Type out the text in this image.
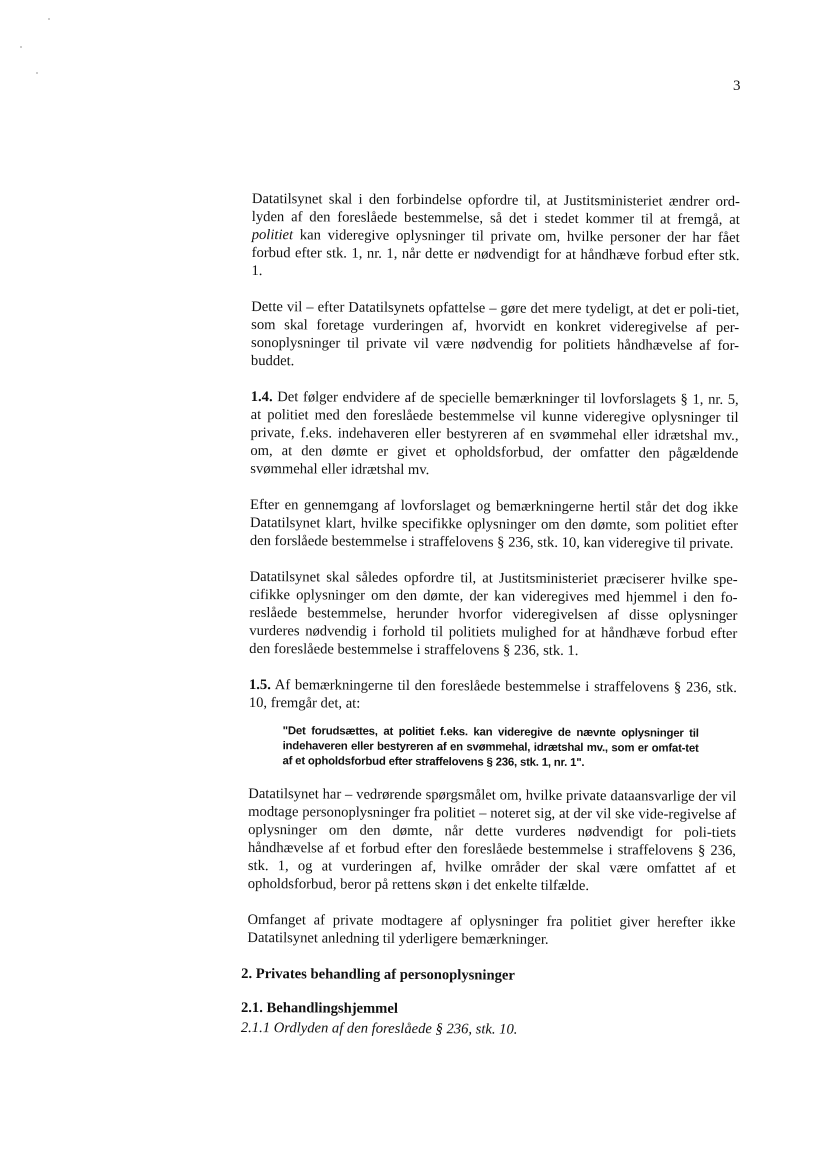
3

Datatilsynet skal i den forbindelse opfordre til, at Justitsministeriet ændrer ord-lyden af den foreslåede bestemmelse, så det i stedet kommer til at fremgå, at politiet kan videregive oplysninger til private om, hvilke personer der har fået forbud efter stk. 1, nr. 1, når dette er nødvendigt for at håndhæve forbud efter stk. 1.

Dette vil – efter Datatilsynets opfattelse – gøre det mere tydeligt, at det er poli-tiet, som skal foretage vurderingen af, hvorvidt en konkret videregivelse af per-sonoplysninger til private vil være nødvendig for politiets håndhævelse af for-buddet.

1.4. Det følger endvidere af de specielle bemærkninger til lovforslagets § 1, nr. 5, at politiet med den foreslåede bestemmelse vil kunne videregive oplysninger til private, f.eks. indehaveren eller bestyreren af en svømmehal eller idrætshal mv., om, at den dømte er givet et opholdsforbud, der omfatter den pågældende svømmehal eller idrætshal mv.

Efter en gennemgang af lovforslaget og bemærkningerne hertil står det dog ikke Datatilsynet klart, hvilke specifikke oplysninger om den dømte, som politiet efter den forslåede bestemmelse i straffelovens § 236, stk. 10, kan videregive til private.

Datatilsynet skal således opfordre til, at Justitsministeriet præciserer hvilke spe-cifikke oplysninger om den dømte, der kan videregives med hjemmel i den fo-reslåede bestemmelse, herunder hvorfor videregivelsen af disse oplysninger vurderes nødvendig i forhold til politiets mulighed for at håndhæve forbud efter den foreslåede bestemmelse i straffelovens § 236, stk. 1.

1.5. Af bemærkningerne til den foreslåede bestemmelse i straffelovens § 236, stk. 10, fremgår det, at:

"Det forudsættes, at politiet f.eks. kan videregive de nævnte oplysninger til indehaveren eller bestyreren af en svømmehal, idrætshal mv., som er omfat-tet af et opholdsforbud efter straffelovens § 236, stk. 1, nr. 1".

Datatilsynet har – vedrørende spørgsmålet om, hvilke private dataansvarlige der vil modtage personoplysninger fra politiet – noteret sig, at der vil ske vide-regivelse af oplysninger om den dømte, når dette vurderes nødvendigt for poli-tiets håndhævelse af et forbud efter den foreslåede bestemmelse i straffelovens § 236, stk. 1, og at vurderingen af, hvilke områder der skal være omfattet af et opholdsforbud, beror på rettens skøn i det enkelte tilfælde.

Omfanget af private modtagere af oplysninger fra politiet giver herefter ikke Datatilsynet anledning til yderligere bemærkninger.

2. Privates behandling af personoplysninger
2.1. Behandlingshjemmel
2.1.1 Ordlyden af den foreslåede § 236, stk. 10.
